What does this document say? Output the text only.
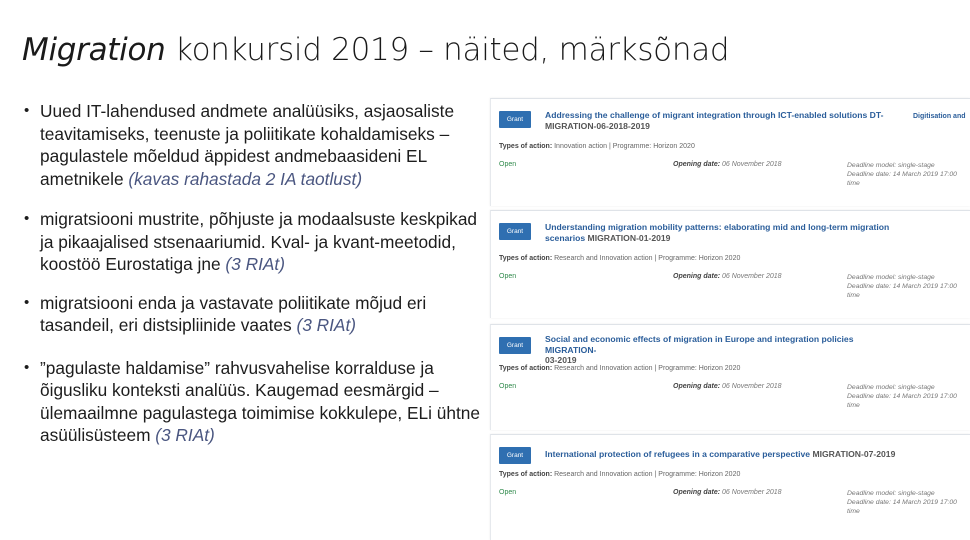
Migration konkursid 2019 – näited, märksõnad
• Uued IT-lahendused andmete analüüsiks, asjaosaliste teavitamiseks, teenuste ja poliitikate kohaldamiseks – pagulastele mõeldud äppidest andmebaasideni EL ametnikele (kavas rahastada 2 IA taotlust)
• migratsiooni mustrite, põhjuste ja modaalsuste keskpikad ja pikaajalised stsenaariumid. Kval- ja kvant-meetodid, koostöö Eurostatiga jne (3 RIAt)
• migratsiooni enda ja vastavate poliitikate mõjud eri tasandeil, eri distsipliinide vaates (3 RIAt)
• ”pagulaste haldamise” rahvusvahelise korralduse ja õigusliku konteksti analüüs. Kaugemad eesmärgid – ülemaailmne pagulastega toimimise kokkulepe, ELi ühtne asüülisüsteem (3 RIAt)
Grant	Addressing the challenge of migrant integration through ICT-enabled solutions DT-
MIGRATION-06-2018-2019
Digitisation and
Types of action: Innovation action | Programme: Horizon 2020
Open	Opening date: 06 November 2018	Deadline model: single-stage
Deadline date: 14 March 2019 17:00
time
Grant	Understanding migration mobility patterns: elaborating mid and long-term migration scenarios MIGRATION-01-2019
Types of action: Research and Innovation action | Programme: Horizon 2020
Open	Opening date: 06 November 2018	Deadline model: single-stage
Deadline date: 14 March 2019 17:00
time
Grant
Social and economic effects of migration in Europe and integration policies MIGRATION-
03-2019
Types of action: Research and Innovation action | Programme: Horizon 2020
Open	Opening date: 06 November 2018	Deadline model: single-stage
Deadline date: 14 March 2019 17:00
time
Grant	International protection of refugees in a comparative perspective MIGRATION-07-2019
Types of action: Research and Innovation action | Programme: Horizon 2020
Open	Opening date: 06 November 2018	Deadline model: single-stage
Deadline date: 14 March 2019 17:00
time
